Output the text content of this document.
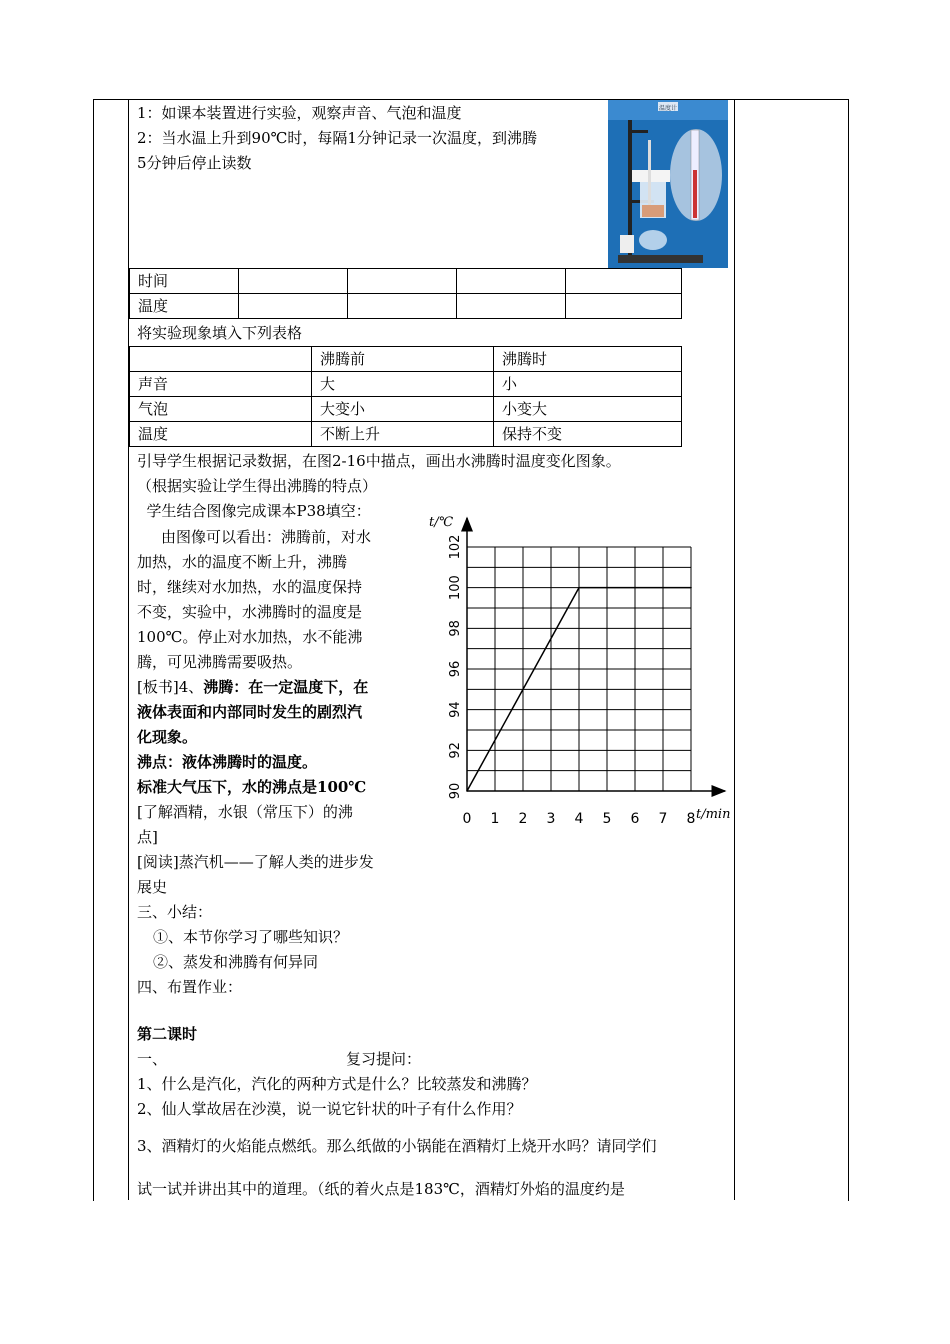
1：如课本装置进行实验，观察声音、气泡和温度
2：当水温上升到90℃时，每隔1分钟记录一次温度，到沸腾
5分钟后停止读数
温度计
时间				
温度				
将实验现象填入下列表格
	沸腾前	沸腾时
声音	大	小
气泡	大变小	小变大
温度	不断上升	保持不变
引导学生根据记录数据，在图2-16中描点，画出水沸腾时温度变化图象。
（根据实验让学生得出沸腾的特点）
学生结合图像完成课本P38填空：
由图像可以看出：沸腾前，对水
加热，水的温度不断上升，沸腾
时，继续对水加热，水的温度保持
不变，实验中，水沸腾时的温度是
100℃。停止对水加热，水不能沸
腾，可见沸腾需要吸热。
[板书]4、沸腾：在一定温度下，在
液体表面和内部同时发生的剧烈汽
化现象。
沸点：液体沸腾时的温度。
标准大气压下，水的沸点是100℃
[了解酒精，水银（常压下）的沸
点]
[阅读]蒸汽机——了解人类的进步发
展史
三、小结：
①、本节你学习了哪些知识？
②、蒸发和沸腾有何异同
四、布置作业：
第二课时
一、	复习提问：
1、什么是汽化，汽化的两种方式是什么？比较蒸发和沸腾？
2、仙人掌故居在沙漠，说一说它针状的叶子有什么作用？
3、酒精灯的火焰能点燃纸。那么纸做的小锅能在酒精灯上烧开水吗？请同学们
试一试并讲出其中的道理。（纸的着火点是183℃，酒精灯外焰的温度约是
t/℃
t/min
0 1 2 3 4 5 6 7 8
90
92
94
96
98
100
102
